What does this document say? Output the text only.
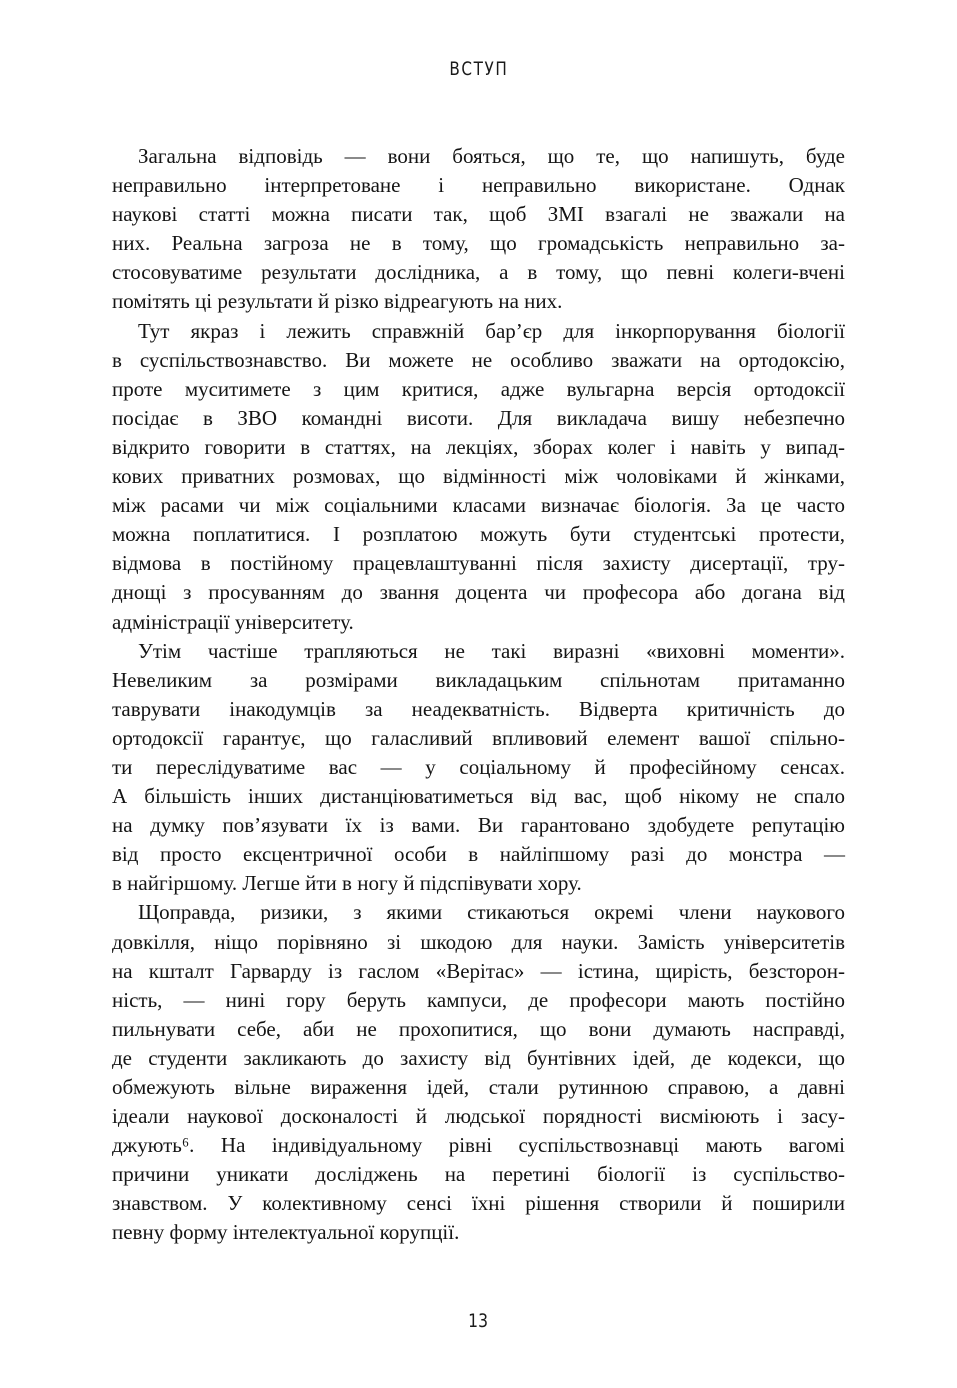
ВСТУП
Загальна відповідь — вони бояться, що те, що напишуть, буде
неправильно інтерпретоване і неправильно використане. Однак
наукові статті можна писати так, щоб ЗМІ взагалі не зважали на
них. Реальна загроза не в тому, що громадськість неправильно за-
стосовуватиме результати дослідника, а в тому, що певні колеги-вчені
помітять ці результати й різко відреагують на них.
Тут якраз і лежить справжній бар’єр для інкорпорування біології
в суспільствознавство. Ви можете не особливо зважати на ортодоксію,
проте муситимете з цим критися, адже вульгарна версія ортодоксії
посідає в ЗВО командні висоти. Для викладача вишу небезпечно
відкрито говорити в статтях, на лекціях, зборах колег і навіть у випад-
кових приватних розмовах, що відмінності між чоловіками й жінками,
між расами чи між соціальними класами визначає біологія. За це часто
можна поплатитися. І розплатою можуть бути студентські протести,
відмова в постійному працевлаштуванні після захисту дисертації, тру-
днощі з просуванням до звання доцента чи професора або догана від
адміністрації університету.
Утім частіше трапляються не такі виразні «виховні моменти».
Невеликим за розмірами викладацьким спільнотам притаманно
таврувати інакодумців за неадекватність. Відверта критичність до
ортодоксії гарантує, що галасливий впливовий елемент вашої спільно-
ти переслідуватиме вас — у соціальному й професійному сенсах.
А більшість інших дистанціюватиметься від вас, щоб нікому не спало
на думку пов’язувати їх із вами. Ви гарантовано здобудете репутацію
від просто ексцентричної особи в найліпшому разі до монстра —
в найгіршому. Легше йти в ногу й підспівувати хору.
Щоправда, ризики, з якими стикаються окремі члени наукового
довкілля, ніщо порівняно зі шкодою для науки. Замість університетів
на кшталт Гарварду із гаслом «Верітас» — істина, щирість, безсторон-
ність, — нині гору беруть кампуси, де професори мають постійно
пильнувати себе, аби не прохопитися, що вони думають насправді,
де студенти закликають до захисту від бунтівних ідей, де кодекси, що
обмежують вільне вираження ідей, стали рутинною справою, а давні
ідеали наукової досконалості й людської порядності висміюють і засу-
джують⁶. На індивідуальному рівні суспільствознавці мають вагомі
причини уникати досліджень на перетині біології із суспільство-
знавством. У колективному сенсі їхні рішення створили й поширили
певну форму інтелектуальної корупції.
13
